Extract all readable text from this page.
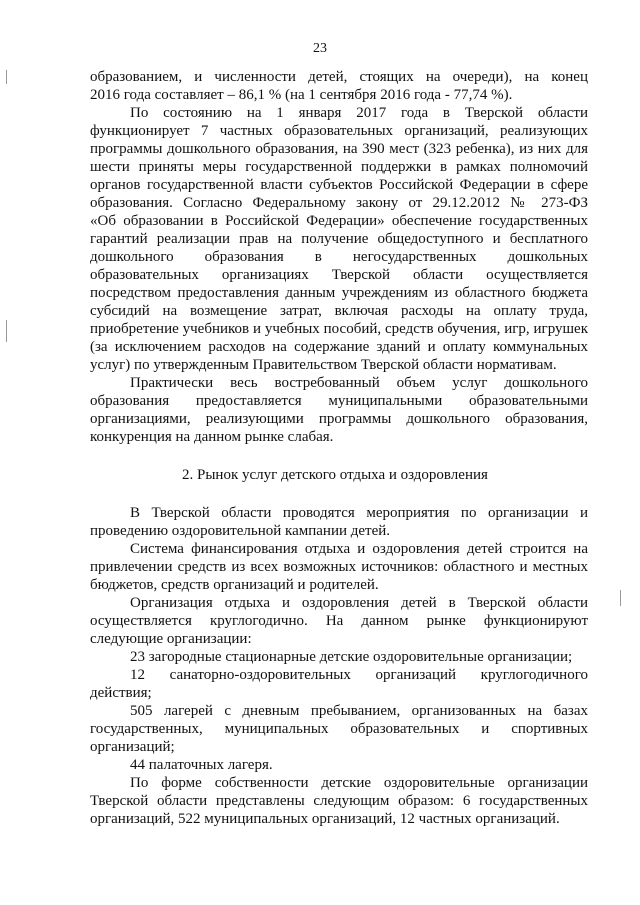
23
образованием, и численности детей, стоящих на очереди), на конец
2016 года составляет – 86,1 % (на 1 сентября 2016 года - 77,74 %).
По состоянию на 1 января 2017 года в Тверской области
функционирует 7 частных образовательных организаций, реализующих
программы дошкольного образования, на 390 мест (323 ребенка), из них для
шести приняты меры государственной поддержки в рамках полномочий
органов государственной власти субъектов Российской Федерации в сфере
образования. Согласно Федеральному закону от 29.12.2012 № 273-ФЗ
«Об образовании в Российской Федерации» обеспечение государственных
гарантий реализации прав на получение общедоступного и бесплатного
дошкольного образования в негосударственных дошкольных
образовательных организациях Тверской области осуществляется
посредством предоставления данным учреждениям из областного бюджета
субсидий на возмещение затрат, включая расходы на оплату труда,
приобретение учебников и учебных пособий, средств обучения, игр, игрушек
(за исключением расходов на содержание зданий и оплату коммунальных
услуг) по утвержденным Правительством Тверской области нормативам.
Практически весь востребованный объем услуг дошкольного
образования предоставляется муниципальными образовательными
организациями, реализующими программы дошкольного образования,
конкуренция на данном рынке слабая.
2. Рынок услуг детского отдыха и оздоровления
В Тверской области проводятся мероприятия по организации и
проведению оздоровительной кампании детей.
Система финансирования отдыха и оздоровления детей строится на
привлечении средств из всех возможных источников: областного и местных
бюджетов, средств организаций и родителей.
Организация отдыха и оздоровления детей в Тверской области
осуществляется круглогодично. На данном рынке функционируют
следующие организации:
23 загородные стационарные детские оздоровительные организации;
12 санаторно-оздоровительных организаций круглогодичного
действия;
505 лагерей с дневным пребыванием, организованных на базах
государственных, муниципальных образовательных и спортивных
организаций;
44 палаточных лагеря.
По форме собственности детские оздоровительные организации
Тверской области представлены следующим образом: 6 государственных
организаций, 522 муниципальных организаций, 12 частных организаций.
